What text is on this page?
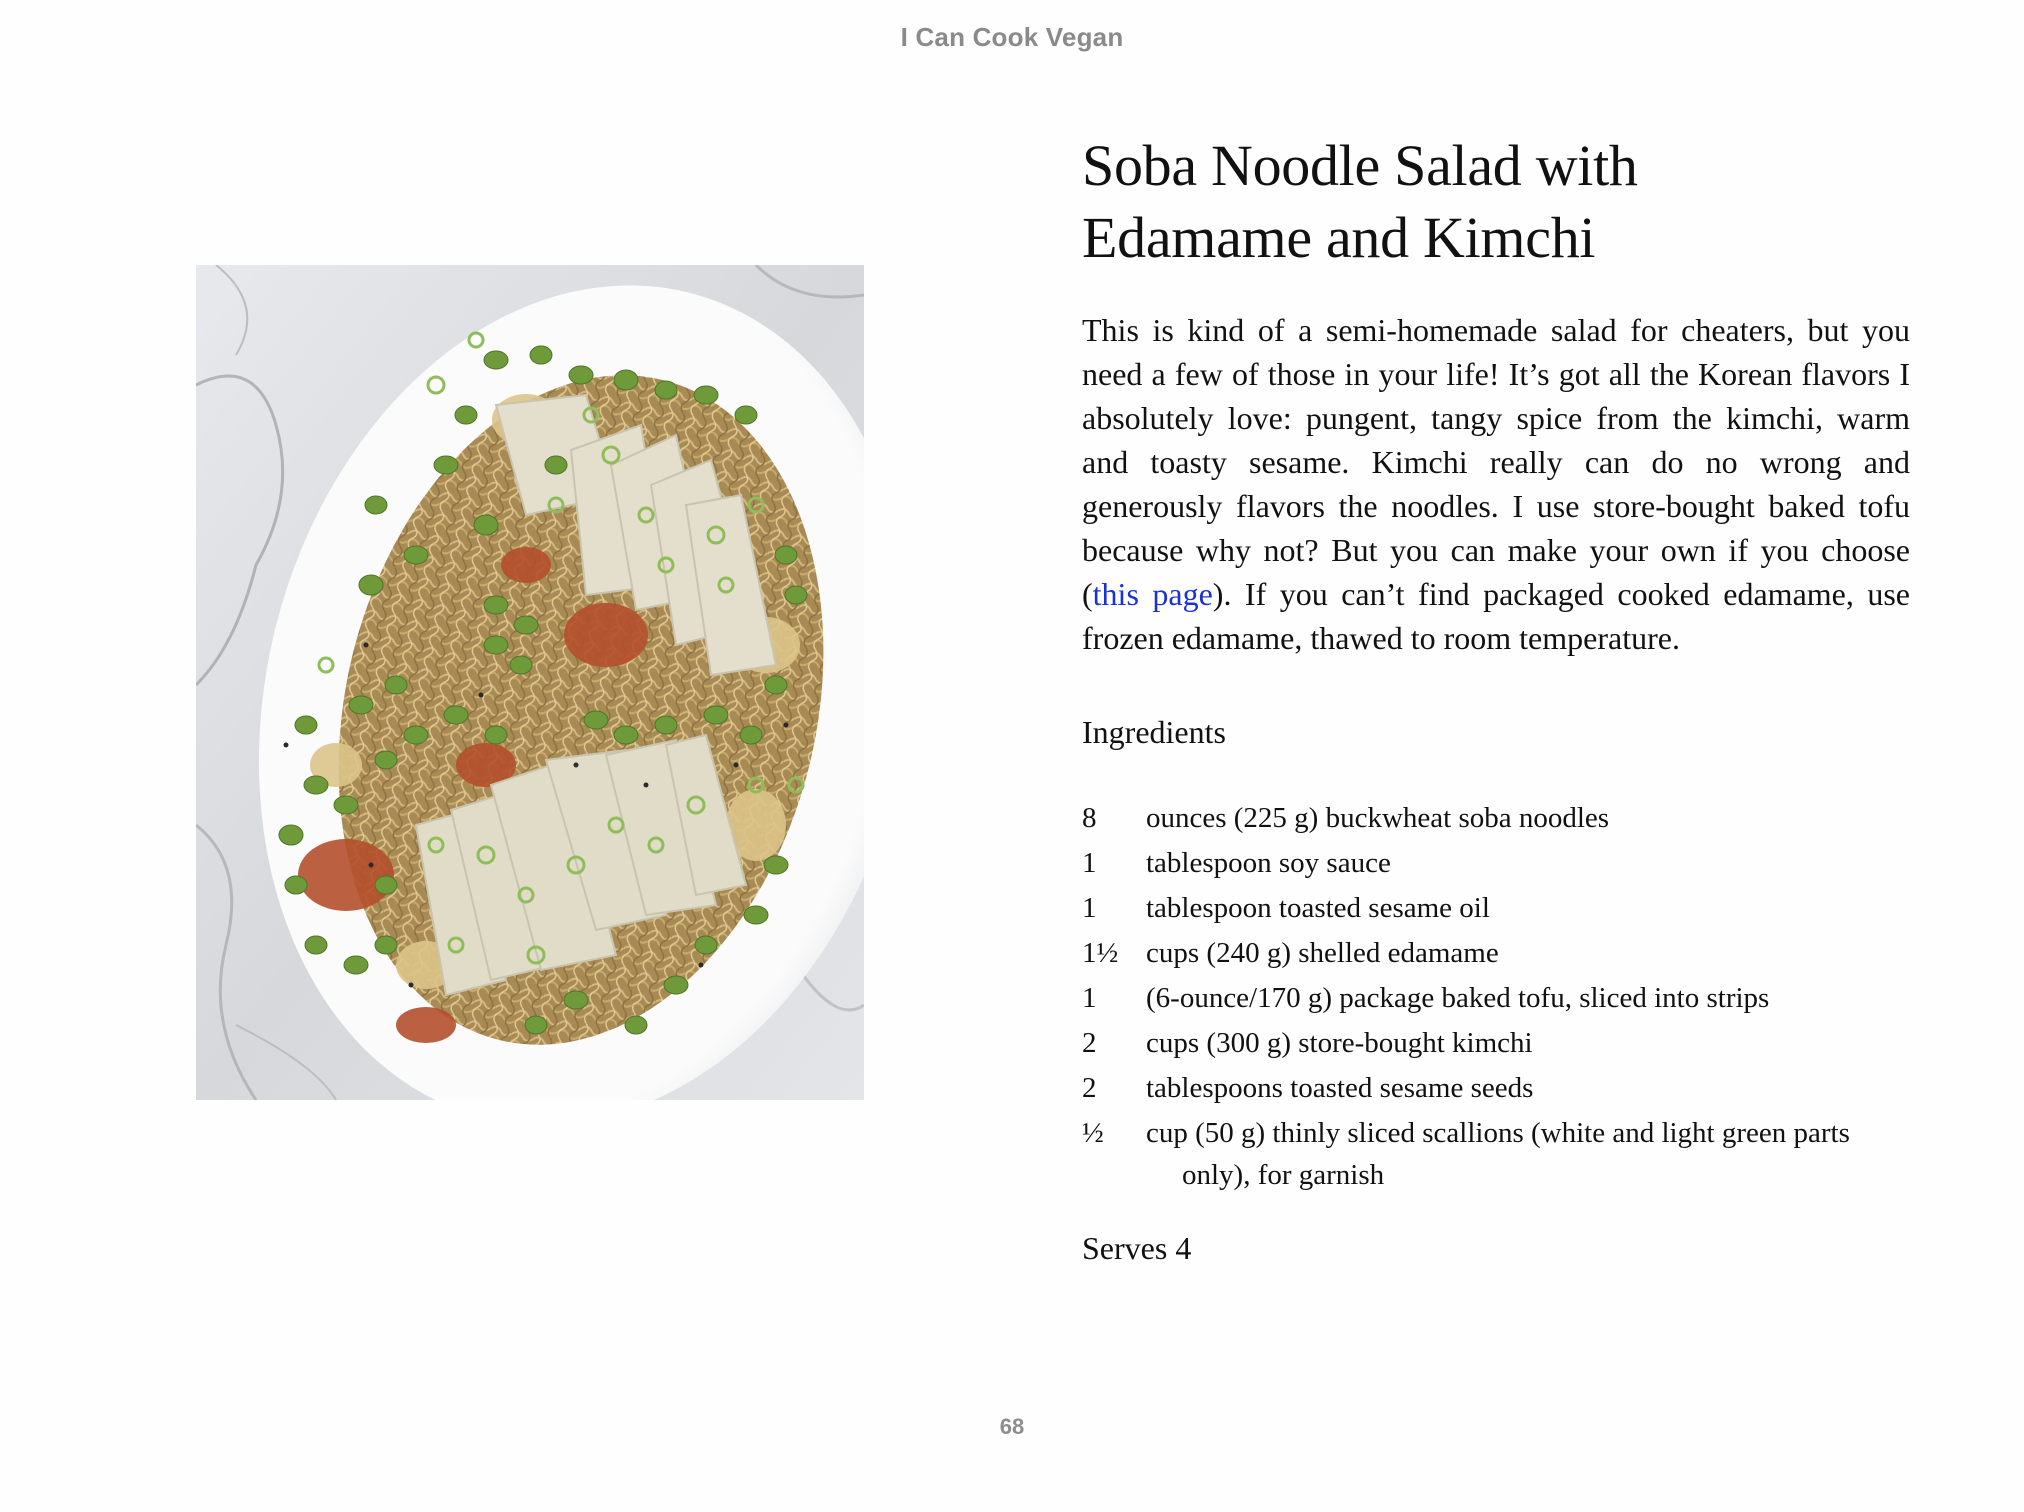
I Can Cook Vegan
Soba Noodle Salad with
Edamame and Kimchi

This is kind of a semi-homemade salad for cheaters, but you need a few of those in your life! It’s got all the Korean flavors I absolutely love: pungent, tangy spice from the kimchi, warm and toasty sesame. Kimchi really can do no wrong and generously flavors the noodles. I use store-bought baked tofu because why not? But you can make your own if you choose (this page). If you can’t find packaged cooked edamame, use frozen edamame, thawed to room temperature.

Ingredients
8	ounces (225 g) buckwheat soba noodles
1	tablespoon soy sauce
1	tablespoon toasted sesame oil
1½ cups (240 g) shelled edamame
1	(6-ounce/170 g) package baked tofu, sliced into strips
2	cups (300 g) store-bought kimchi
2	tablespoons toasted sesame seeds
½	cup (50 g) thinly sliced scallions (white and light green parts only), for garnish
Serves 4
68
